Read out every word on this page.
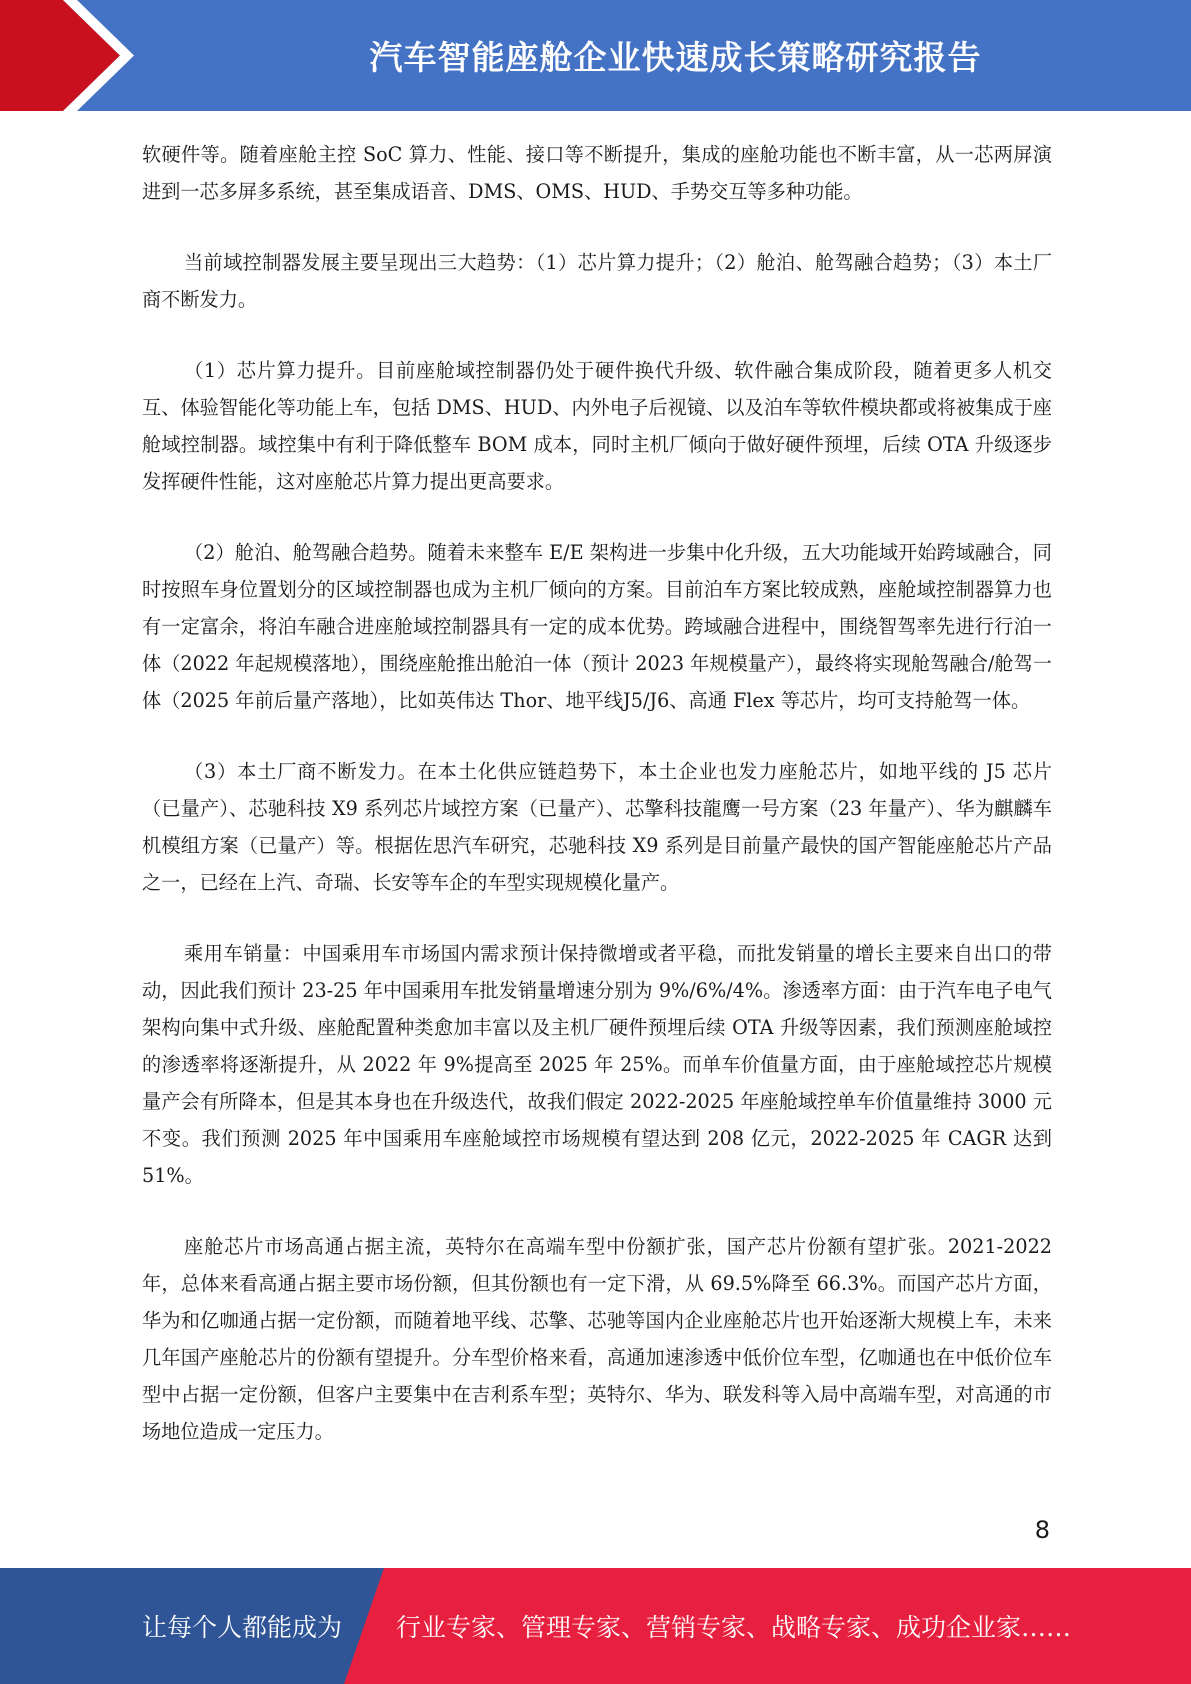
汽车智能座舱企业快速成长策略研究报告

软硬件等。随着座舱主控 SoC 算力、性能、接口等不断提升，集成的座舱功能也不断丰富，从一芯两屏演进到一芯多屏多系统，甚至集成语音、DMS、OMS、HUD、手势交互等多种功能。

当前域控制器发展主要呈现出三大趋势：（1）芯片算力提升；（2）舱泊、舱驾融合趋势；（3）本土厂商不断发力。

（1）芯片算力提升。目前座舱域控制器仍处于硬件换代升级、软件融合集成阶段，随着更多人机交互、体验智能化等功能上车，包括 DMS、HUD、内外电子后视镜、以及泊车等软件模块都或将被集成于座舱域控制器。域控集中有利于降低整车 BOM 成本，同时主机厂倾向于做好硬件预埋，后续 OTA 升级逐步发挥硬件性能，这对座舱芯片算力提出更高要求。

（2）舱泊、舱驾融合趋势。随着未来整车 E/E 架构进一步集中化升级，五大功能域开始跨域融合，同时按照车身位置划分的区域控制器也成为主机厂倾向的方案。目前泊车方案比较成熟，座舱域控制器算力也有一定富余，将泊车融合进座舱域控制器具有一定的成本优势。跨域融合进程中，围绕智驾率先进行行泊一体（2022 年起规模落地），围绕座舱推出舱泊一体（预计 2023 年规模量产），最终将实现舱驾融合/舱驾一体（2025 年前后量产落地），比如英伟达 Thor、地平线J5/J6、高通 Flex 等芯片，均可支持舱驾一体。

（3）本土厂商不断发力。在本土化供应链趋势下，本土企业也发力座舱芯片，如地平线的 J5 芯片（已量产）、芯驰科技 X9 系列芯片域控方案（已量产）、芯擎科技龍鹰一号方案（23 年量产）、华为麒麟车机模组方案（已量产）等。根据佐思汽车研究，芯驰科技 X9 系列是目前量产最快的国产智能座舱芯片产品之一，已经在上汽、奇瑞、长安等车企的车型实现规模化量产。

乘用车销量：中国乘用车市场国内需求预计保持微增或者平稳，而批发销量的增长主要来自出口的带动，因此我们预计 23-25 年中国乘用车批发销量增速分别为 9%/6%/4%。渗透率方面：由于汽车电子电气架构向集中式升级、座舱配置种类愈加丰富以及主机厂硬件预埋后续 OTA 升级等因素，我们预测座舱域控的渗透率将逐渐提升，从 2022 年 9%提高至 2025 年 25%。而单车价值量方面，由于座舱域控芯片规模量产会有所降本，但是其本身也在升级迭代，故我们假定 2022-2025 年座舱域控单车价值量维持 3000 元不变。我们预测 2025 年中国乘用车座舱域控市场规模有望达到 208 亿元，2022-2025 年 CAGR 达到 51%。

座舱芯片市场高通占据主流，英特尔在高端车型中份额扩张，国产芯片份额有望扩张。2021-2022 年，总体来看高通占据主要市场份额，但其份额也有一定下滑，从 69.5%降至 66.3%。而国产芯片方面，华为和亿咖通占据一定份额，而随着地平线、芯擎、芯驰等国内企业座舱芯片也开始逐渐大规模上车，未来几年国产座舱芯片的份额有望提升。分车型价格来看，高通加速渗透中低价位车型，亿咖通也在中低价位车型中占据一定份额，但客户主要集中在吉利系车型；英特尔、华为、联发科等入局中高端车型，对高通的市场地位造成一定压力。

8
让每个人都能成为 行业专家、管理专家、营销专家、战略专家、成功企业家……
